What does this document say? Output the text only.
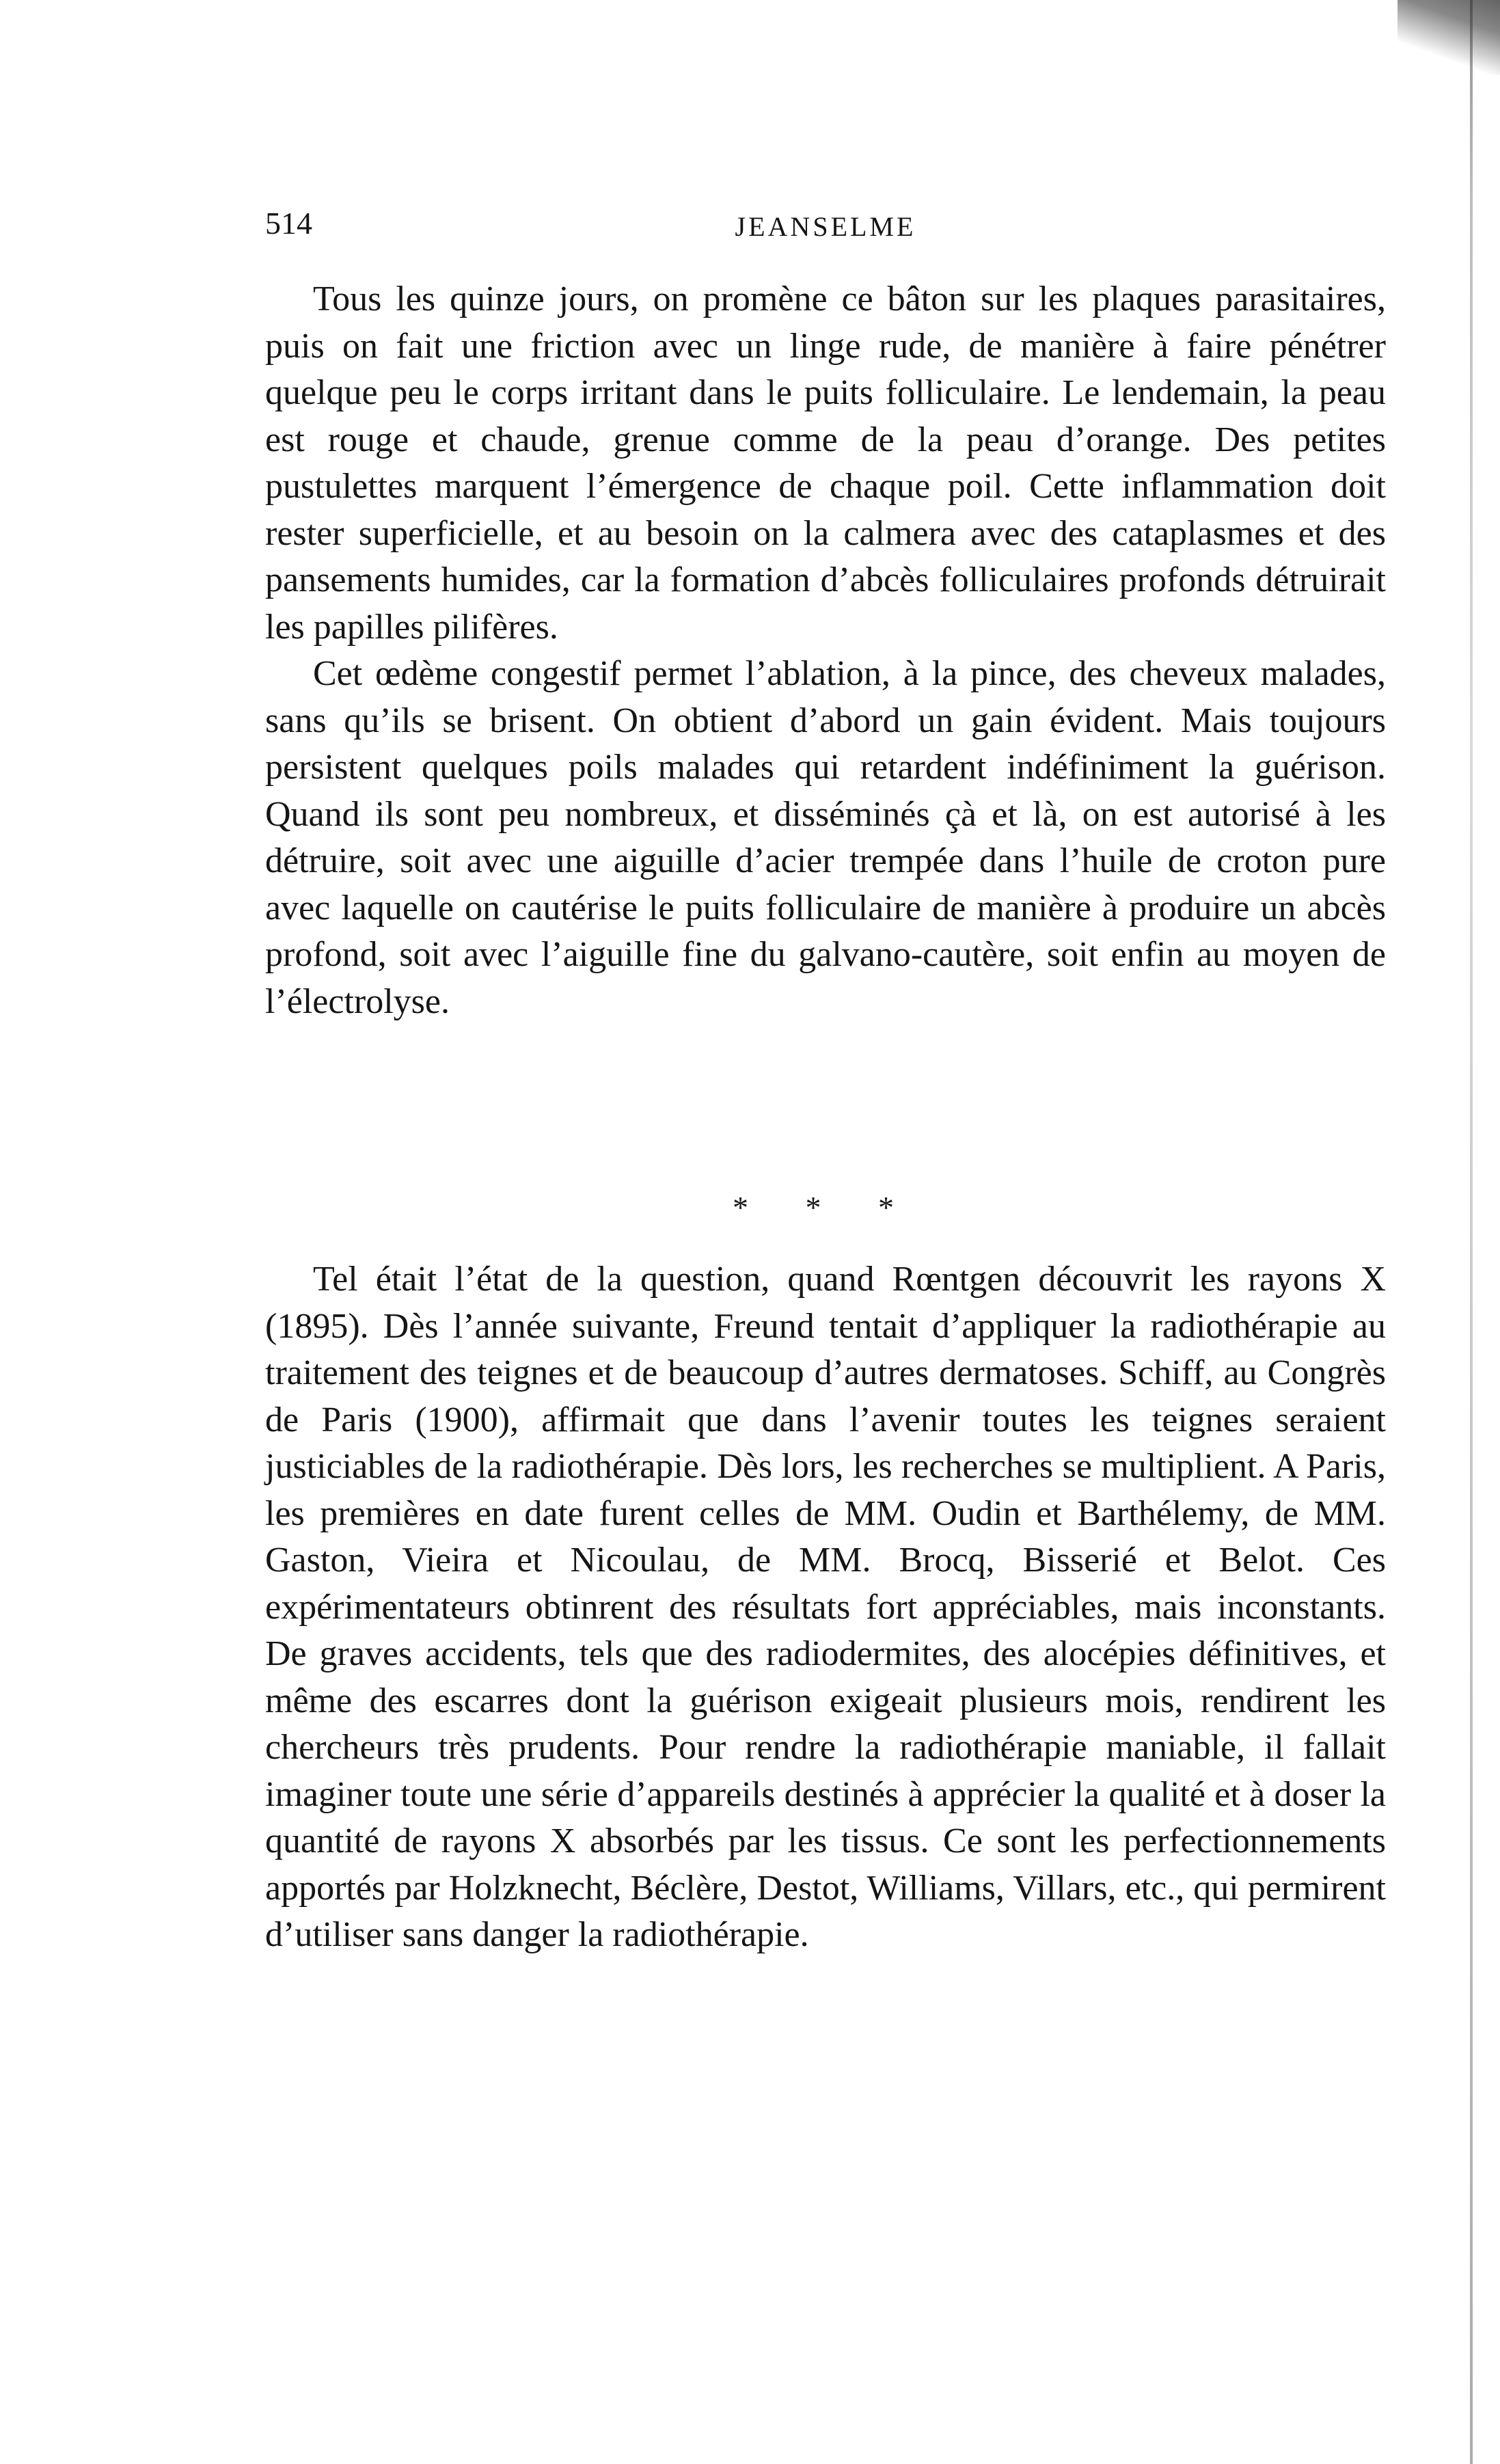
514	JEANSELME

Tous les quinze jours, on promène ce bâton sur les plaques parasitaires, puis on fait une friction avec un linge rude, de manière à faire pénétrer quelque peu le corps irritant dans le puits folliculaire. Le lendemain, la peau est rouge et chaude, grenue comme de la peau d’orange. Des petites pustulettes marquent l’émergence de chaque poil. Cette inflammation doit rester superficielle, et au besoin on la calmera avec des cataplasmes et des pansements humides, car la formation d’abcès folliculaires profonds détruirait les papilles pilifères.

Cet œdème congestif permet l’ablation, à la pince, des cheveux malades, sans qu’ils se brisent. On obtient d’abord un gain évident. Mais toujours persistent quelques poils malades qui retardent indéfiniment la guérison. Quand ils sont peu nombreux, et disséminés çà et là, on est autorisé à les détruire, soit avec une aiguille d’acier trempée dans l’huile de croton pure avec laquelle on cautérise le puits folliculaire de manière à produire un abcès profond, soit avec l’aiguille fine du galvano-cautère, soit enfin au moyen de l’électrolyse.

* * *

Tel était l’état de la question, quand Rœntgen découvrit les rayons X (1895). Dès l’année suivante, Freund tentait d’appliquer la radiothérapie au traitement des teignes et de beaucoup d’autres dermatoses. Schiff, au Congrès de Paris (1900), affirmait que dans l’avenir toutes les teignes seraient justiciables de la radiothérapie. Dès lors, les recherches se multiplient. A Paris, les premières en date furent celles de MM. Oudin et Barthélemy, de MM. Gaston, Vieira et Nicoulau, de MM. Brocq, Bisserié et Belot. Ces expérimentateurs obtinrent des résultats fort appréciables, mais inconstants. De graves accidents, tels que des radiodermites, des alocépies définitives, et même des escarres dont la guérison exigeait plusieurs mois, rendirent les chercheurs très prudents. Pour rendre la radiothérapie maniable, il fallait imaginer toute une série d’appareils destinés à apprécier la qualité et à doser la quantité de rayons X absorbés par les tissus. Ce sont les perfectionnements apportés par Holzknecht, Béclère, Destot, Williams, Villars, etc., qui permirent d’utiliser sans danger la radiothérapie.
